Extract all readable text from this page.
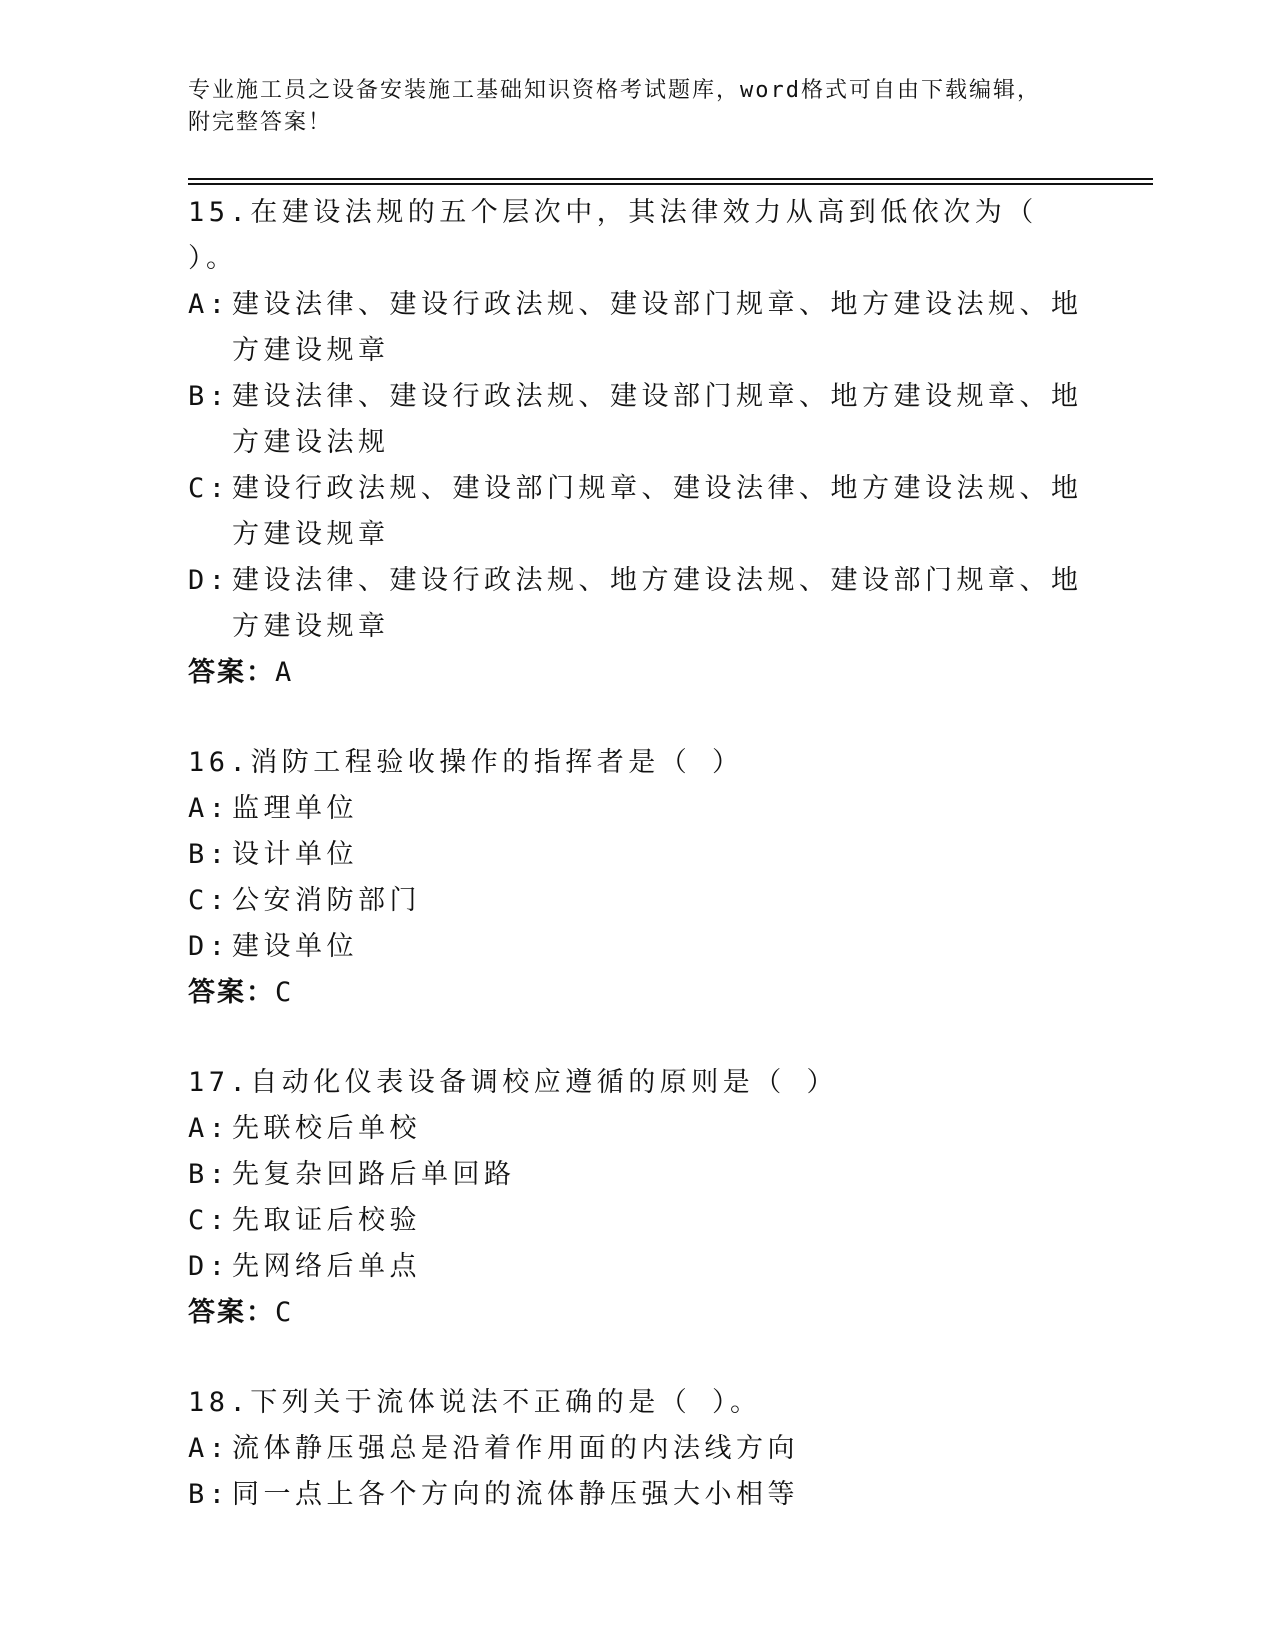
专业施工员之设备安装施工基础知识资格考试题库，word格式可自由下载编辑，
附完整答案！

15.在建设法规的五个层次中，其法律效力从高到低依次为（ ）。

A: 建设法律、建设行政法规、建设部门规章、地方建设法规、地方建设规章
B: 建设法律、建设行政法规、建设部门规章、地方建设规章、地方建设法规
C: 建设行政法规、建设部门规章、建设法律、地方建设法规、地方建设规章
D: 建设法律、建设行政法规、地方建设法规、建设部门规章、地方建设规章

答案：A

16.消防工程验收操作的指挥者是（ ）

A: 监理单位
B: 设计单位
C: 公安消防部门
D: 建设单位

答案：C

17.自动化仪表设备调校应遵循的原则是（ ）

A: 先联校后单校
B: 先复杂回路后单回路
C: 先取证后校验
D: 先网络后单点

答案：C

18.下列关于流体说法不正确的是（ ）。

A: 流体静压强总是沿着作用面的内法线方向
B: 同一点上各个方向的流体静压强大小相等
